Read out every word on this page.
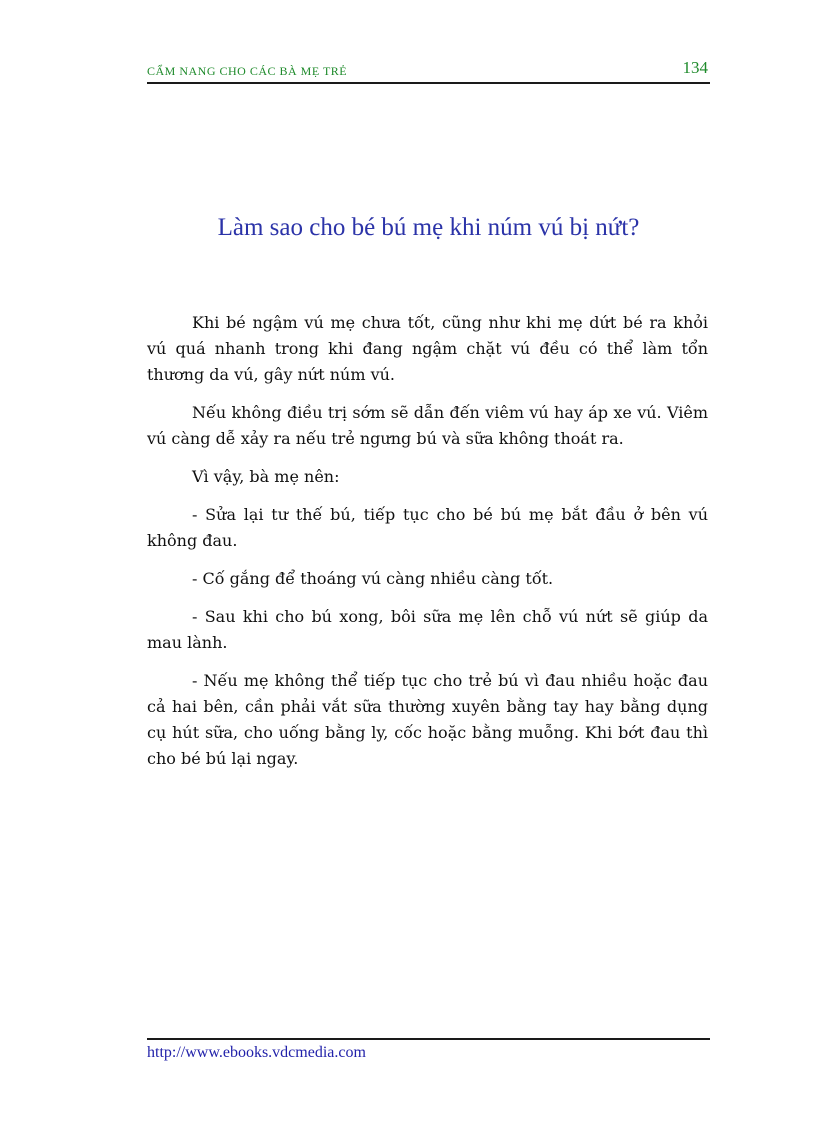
CẨM NANG CHO CÁC BÀ MẸ TRẺ	134
Làm sao cho bé bú mẹ khi núm vú bị nứt?

Khi bé ngậm vú mẹ chưa tốt, cũng như khi mẹ dứt bé ra khỏi vú quá nhanh trong khi đang ngậm chặt vú đều có thể làm tổn thương da vú, gây nứt núm vú.

Nếu không điều trị sớm sẽ dẫn đến viêm vú hay áp xe vú. Viêm vú càng dễ xảy ra nếu trẻ ngưng bú và sữa không thoát ra.

Vì vậy, bà mẹ nên:

- Sửa lại tư thế bú, tiếp tục cho bé bú mẹ bắt đầu ở bên vú không đau.

- Cố gắng để thoáng vú càng nhiều càng tốt.

- Sau khi cho bú xong, bôi sữa mẹ lên chỗ vú nứt sẽ giúp da mau lành.

- Nếu mẹ không thể tiếp tục cho trẻ bú vì đau nhiều hoặc đau cả hai bên, cần phải vắt sữa thường xuyên bằng tay hay bằng dụng cụ hút sữa, cho uống bằng ly, cốc hoặc bằng muỗng. Khi bớt đau thì cho bé bú lại ngay.

http://www.ebooks.vdcmedia.com
